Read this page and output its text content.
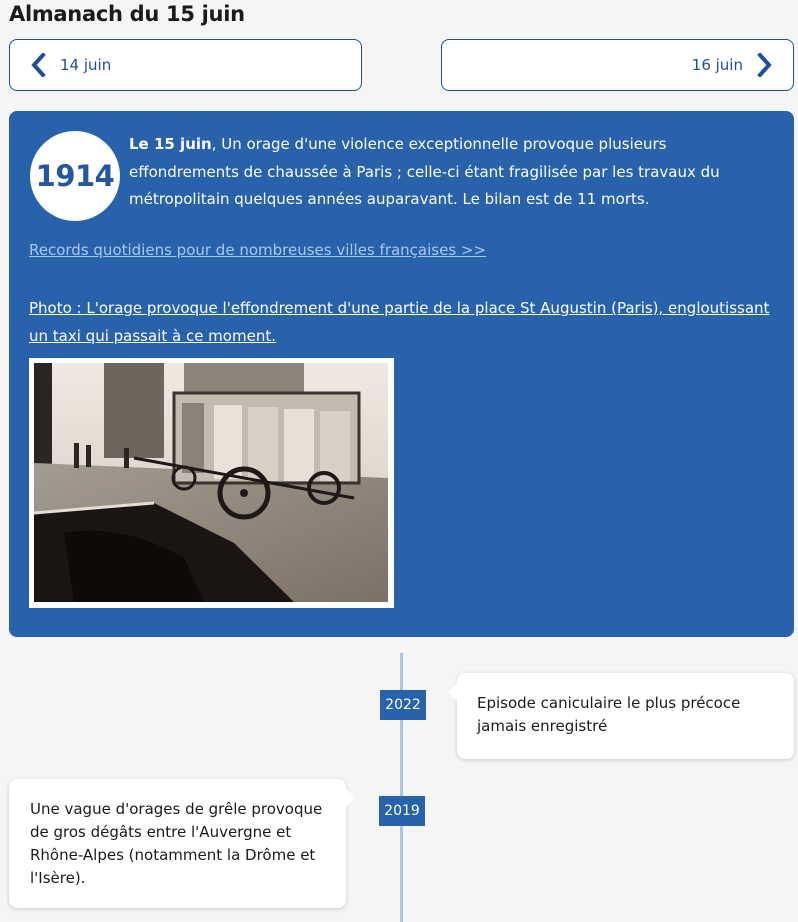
Almanach du 15 juin
14 juin	16 juin
1914

Le 15 juin, Un orage d'une violence exceptionnelle provoque plusieurs effondrements de chaussée à Paris ; celle-ci étant fragilisée par les travaux du métropolitain quelques années auparavant. Le bilan est de 11 morts.

Records quotidiens pour de nombreuses villes françaises >>
Photo : L'orage provoque l'effondrement d'une partie de la place St Augustin (Paris), engloutissant un taxi qui passait à ce moment.
2022	Episode caniculaire le plus précoce jamais enregistré

2019

Une vague d'orages de grêle provoque de gros dégâts entre l'Auvergne et Rhône-Alpes (notamment la Drôme et l'Isère).
